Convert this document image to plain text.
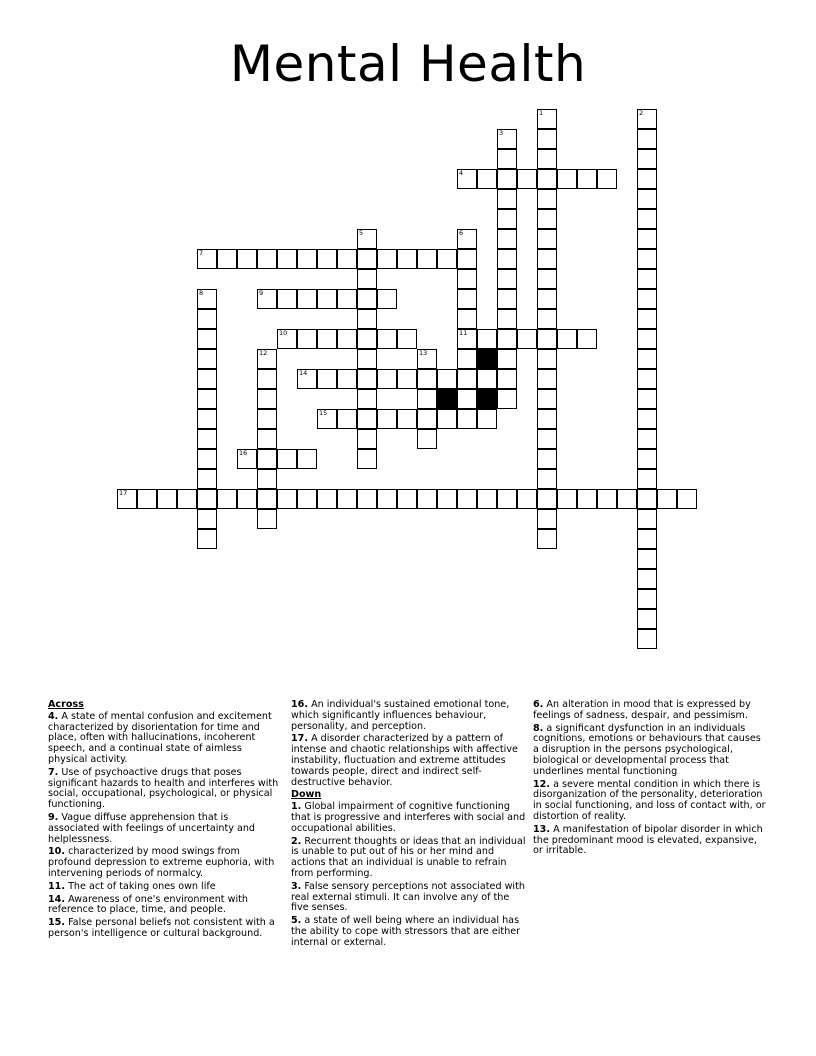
Mental Health
1	2
3
4
5	6
7
8	9
11
10
12	13
14
15
16
17
Across
4. A state of mental confusion and excitement characterized by disorientation for time and place, often with hallucinations, incoherent speech, and a continual state of aimless physical activity.
7. Use of psychoactive drugs that poses significant hazards to health and interferes with social, occupational, psychological, or physical functioning.
9. Vague diffuse apprehension that is associated with feelings of uncertainty and helplessness.
10. characterized by mood swings from profound depression to extreme euphoria, with intervening periods of normalcy.
11. The act of taking ones own life
14. Awareness of one's environment with reference to place, time, and people.
15. False personal beliefs not consistent with a person's intelligence or cultural background.
16. An individual's sustained emotional tone, which significantly influences behaviour, personality, and perception.
17. A disorder characterized by a pattern of intense and chaotic relationships with affective instability, fluctuation and extreme attitudes towards people, direct and indirect self-destructive behavior.
Down
1. Global impairment of cognitive functioning that is progressive and interferes with social and occupational abilities.
2. Recurrent thoughts or ideas that an individual is unable to put out of his or her mind and actions that an individual is unable to refrain from performing.
3. False sensory perceptions not associated with real external stimuli. It can involve any of the five senses.
5. a state of well being where an individual has the ability to cope with stressors that are either internal or external.
6. An alteration in mood that is expressed by feelings of sadness, despair, and pessimism.
8. a significant dysfunction in an individuals cognitions, emotions or behaviours that causes a disruption in the persons psychological, biological or developmental process that underlines mental functioning
12. a severe mental condition in which there is disorganization of the personality, deterioration in social functioning, and loss of contact with, or distortion of reality.
13. A manifestation of bipolar disorder in which the predominant mood is elevated, expansive, or irritable.
